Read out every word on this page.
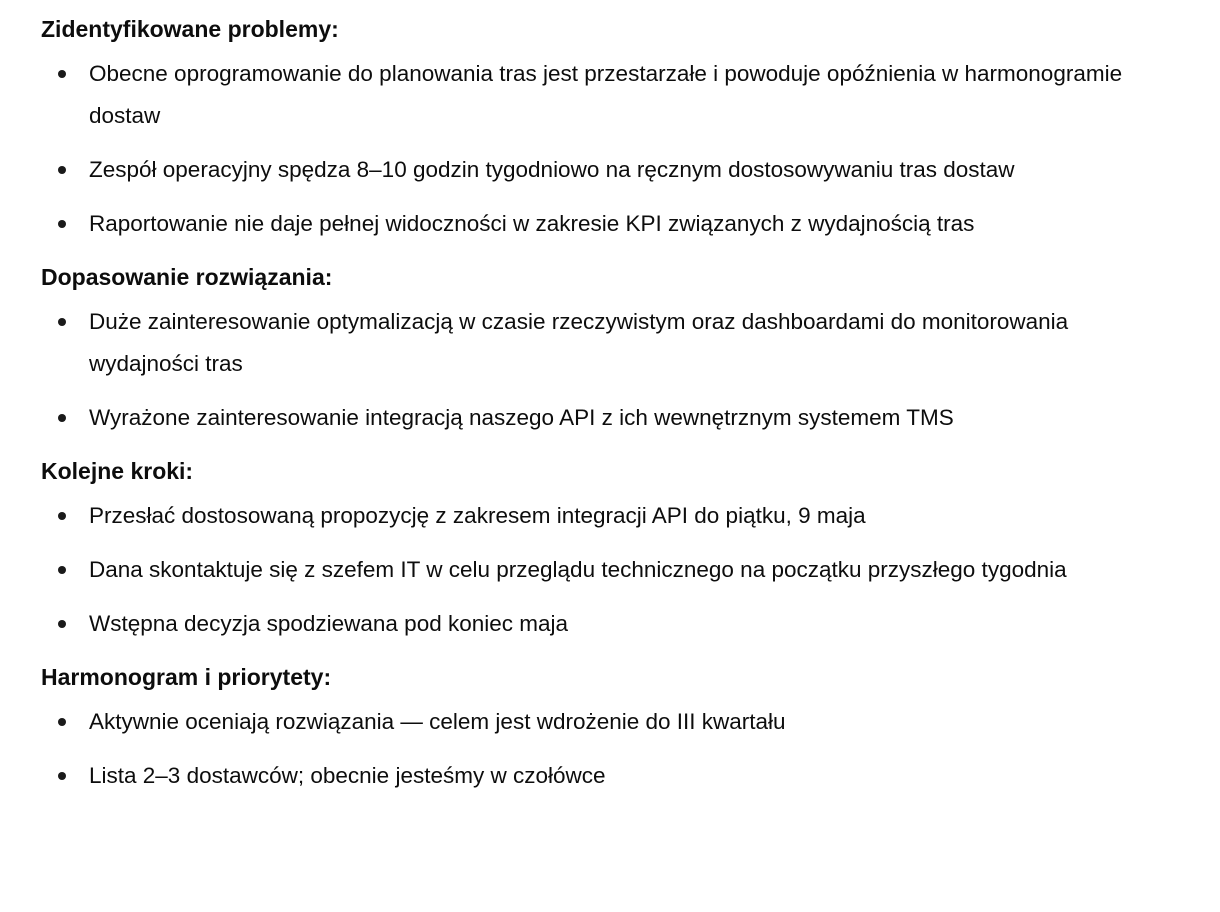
Zidentyfikowane problemy:
Obecne oprogramowanie do planowania tras jest przestarzałe i powoduje opóźnienia w harmonogramie dostaw
Zespół operacyjny spędza 8–10 godzin tygodniowo na ręcznym dostosowywaniu tras dostaw
Raportowanie nie daje pełnej widoczności w zakresie KPI związanych z wydajnością tras
Dopasowanie rozwiązania:
Duże zainteresowanie optymalizacją w czasie rzeczywistym oraz dashboardami do monitorowania wydajności tras
Wyrażone zainteresowanie integracją naszego API z ich wewnętrznym systemem TMS
Kolejne kroki:
Przesłać dostosowaną propozycję z zakresem integracji API do piątku, 9 maja
Dana skontaktuje się z szefem IT w celu przeglądu technicznego na początku przyszłego tygodnia
Wstępna decyzja spodziewana pod koniec maja
Harmonogram i priorytety:
Aktywnie oceniają rozwiązania — celem jest wdrożenie do III kwartału
Lista 2–3 dostawców; obecnie jesteśmy w czołówce
